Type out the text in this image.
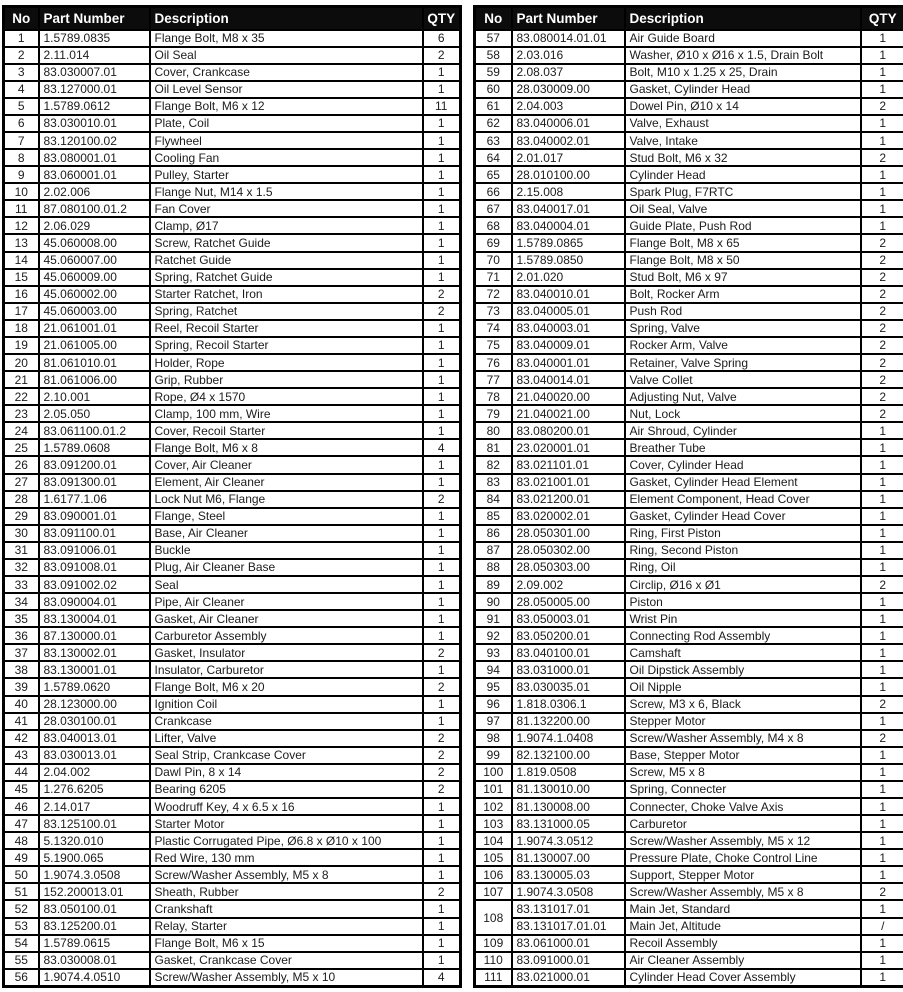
No	Part Number	Description	QTY
1	1.5789.0835	Flange Bolt, M8 x 35	6
2	2.11.014	Oil Seal	2
3	83.030007.01	Cover, Crankcase	1
4	83.127000.01	Oil Level Sensor	1
5	1.5789.0612	Flange Bolt, M6 x 12	11
6	83.030010.01	Plate, Coil	1
7	83.120100.02	Flywheel	1
8	83.080001.01	Cooling Fan	1
9	83.060001.01	Pulley, Starter	1
10	2.02.006	Flange Nut, M14 x 1.5	1
11	87.080100.01.2	Fan Cover	1
12	2.06.029	Clamp, Ø17	1
13	45.060008.00	Screw, Ratchet Guide	1
14	45.060007.00	Ratchet Guide	1
15	45.060009.00	Spring, Ratchet Guide	1
16	45.060002.00	Starter Ratchet, Iron	2
17	45.060003.00	Spring, Ratchet	2
18	21.061001.01	Reel, Recoil Starter	1
19	21.061005.00	Spring, Recoil Starter	1
20	81.061010.01	Holder, Rope	1
21	81.061006.00	Grip, Rubber	1
22	2.10.001	Rope, Ø4 x 1570	1
23	2.05.050	Clamp, 100 mm, Wire	1
24	83.061100.01.2	Cover, Recoil Starter	1
25	1.5789.0608	Flange Bolt, M6 x 8	4
26	83.091200.01	Cover, Air Cleaner	1
27	83.091300.01	Element, Air Cleaner	1
28	1.6177.1.06	Lock Nut M6, Flange	2
29	83.090001.01	Flange, Steel	1
30	83.091100.01	Base, Air Cleaner	1
31	83.091006.01	Buckle	1
32	83.091008.01	Plug, Air Cleaner Base	1
33	83.091002.02	Seal	1
34	83.090004.01	Pipe, Air Cleaner	1
35	83.130004.01	Gasket, Air Cleaner	1
36	87.130000.01	Carburetor Assembly	1
37	83.130002.01	Gasket, Insulator	2
38	83.130001.01	Insulator, Carburetor	1
39	1.5789.0620	Flange Bolt, M6 x 20	2
40	28.123000.00	Ignition Coil	1
41	28.030100.01	Crankcase	1
42	83.040013.01	Lifter, Valve	2
43	83.030013.01	Seal Strip, Crankcase Cover	2
44	2.04.002	Dawl Pin, 8 x 14	2
45	1.276.6205	Bearing 6205	2
46	2.14.017	Woodruff Key, 4 x 6.5 x 16	1
47	83.125100.01	Starter Motor	1
48	5.1320.010	Plastic Corrugated Pipe, Ø6.8 x Ø10 x 100	1
49	5.1900.065	Red Wire, 130 mm	1
50	1.9074.3.0508	Screw/Washer Assembly, M5 x 8	1
51	152.200013.01	Sheath, Rubber	2
52	83.050100.01	Crankshaft	1
53	83.125200.01	Relay, Starter	1
54	1.5789.0615	Flange Bolt, M6 x 15	1
55	83.030008.01	Gasket, Crankcase Cover	1
56	1.9074.4.0510	Screw/Washer Assembly, M5 x 10	4
No	Part Number	Description	QTY
57	83.080014.01.01	Air Guide Board	1
58	2.03.016	Washer, Ø10 x Ø16 x 1.5, Drain Bolt	1
59	2.08.037	Bolt, M10 x 1.25 x 25, Drain	1
60	28.030009.00	Gasket, Cylinder Head	1
61	2.04.003	Dowel Pin, Ø10 x 14	2
62	83.040006.01	Valve, Exhaust	1
63	83.040002.01	Valve, Intake	1
64	2.01.017	Stud Bolt, M6 x 32	2
65	28.010100.00	Cylinder Head	1
66	2.15.008	Spark Plug, F7RTC	1
67	83.040017.01	Oil Seal, Valve	1
68	83.040004.01	Guide Plate, Push Rod	1
69	1.5789.0865	Flange Bolt, M8 x 65	2
70	1.5789.0850	Flange Bolt, M8 x 50	2
71	2.01.020	Stud Bolt, M6 x 97	2
72	83.040010.01	Bolt, Rocker Arm	2
73	83.040005.01	Push Rod	2
74	83.040003.01	Spring, Valve	2
75	83.040009.01	Rocker Arm, Valve	2
76	83.040001.01	Retainer, Valve Spring	2
77	83.040014.01	Valve Collet	2
78	21.040020.00	Adjusting Nut, Valve	2
79	21.040021.00	Nut, Lock	2
80	83.080200.01	Air Shroud, Cylinder	1
81	23.020001.01	Breather Tube	1
82	83.021101.01	Cover, Cylinder Head	1
83	83.021001.01	Gasket, Cylinder Head Element	1
84	83.021200.01	Element Component, Head Cover	1
85	83.020002.01	Gasket, Cylinder Head Cover	1
86	28.050301.00	Ring, First Piston	1
87	28.050302.00	Ring, Second Piston	1
88	28.050303.00	Ring, Oil	1
89	2.09.002	Circlip, Ø16 x Ø1	2
90	28.050005.00	Piston	1
91	83.050003.01	Wrist Pin	1
92	83.050200.01	Connecting Rod Assembly	1
93	83.040100.01	Camshaft	1
94	83.031000.01	Oil Dipstick Assembly	1
95	83.030035.01	Oil Nipple	1
96	1.818.0306.1	Screw, M3 x 6, Black	2
97	81.132200.00	Stepper Motor	1
98	1.9074.1.0408	Screw/Washer Assembly, M4 x 8	2
99	82.132100.00	Base, Stepper Motor	1
100	1.819.0508	Screw, M5 x 8	1
101	81.130010.00	Spring, Connecter	1
102	81.130008.00	Connecter, Choke Valve Axis	1
103	83.131000.05	Carburetor	1
104	1.9074.3.0512	Screw/Washer Assembly, M5 x 12	1
105	81.130007.00	Pressure Plate, Choke Control Line	1
106	83.130005.03	Support, Stepper Motor	1
107	1.9074.3.0508	Screw/Washer Assembly, M5 x 8	2
108	83.131017.01	Main Jet, Standard	1
	83.131017.01.01	Main Jet, Altitude	/
109	83.061000.01	Recoil Assembly	1
110	83.091000.01	Air Cleaner Assembly	1
111	83.021000.01	Cylinder Head Cover Assembly	1
